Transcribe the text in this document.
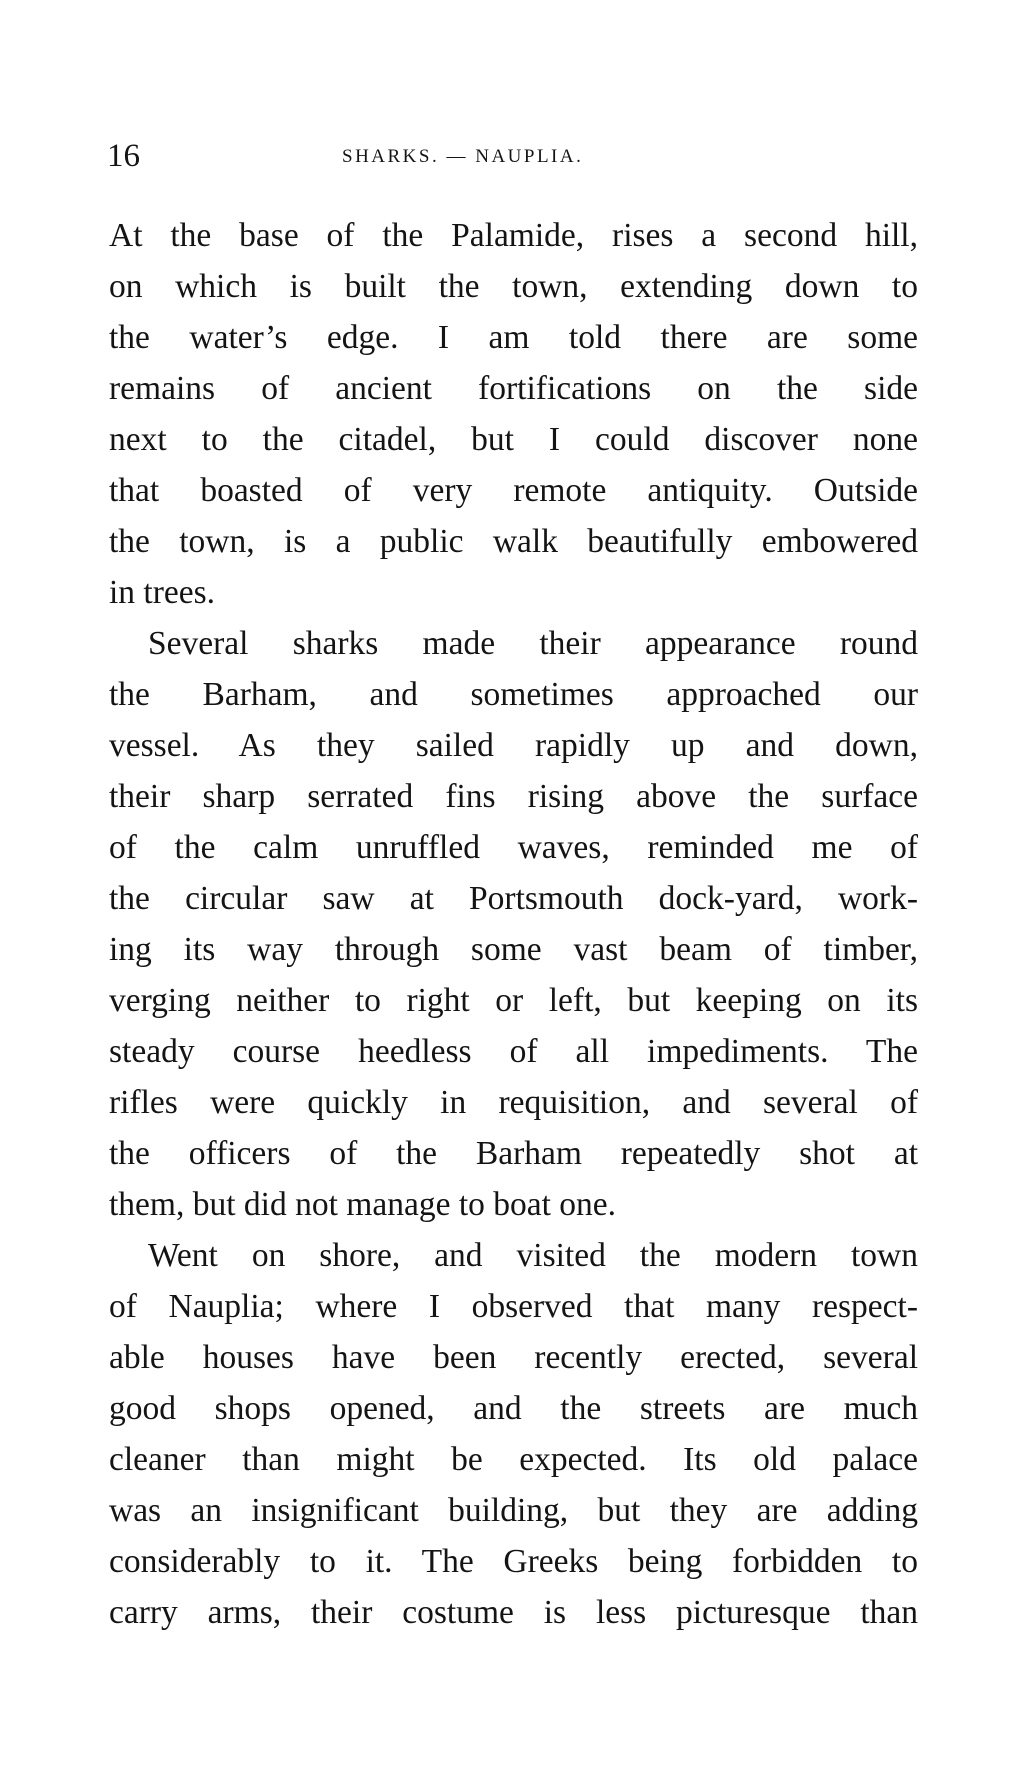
16	SHARKS. — NAUPLIA.
At the base of the Palamide, rises a second hill,
on which is built the town, extending down to
the water’s edge. I am told there are some
remains of ancient fortifications on the side
next to the citadel, but I could discover none
that boasted of very remote antiquity. Outside
the town, is a public walk beautifully embowered
in trees.
Several sharks made their appearance round
the Barham, and sometimes approached our
vessel. As they sailed rapidly up and down,
their sharp serrated fins rising above the surface
of the calm unruffled waves, reminded me of
the circular saw at Portsmouth dock-yard, work-
ing its way through some vast beam of timber,
verging neither to right or left, but keeping on its
steady course heedless of all impediments. The
rifles were quickly in requisition, and several of
the officers of the Barham repeatedly shot at
them, but did not manage to boat one.
Went on shore, and visited the modern town
of Nauplia; where I observed that many respect-
able houses have been recently erected, several
good shops opened, and the streets are much
cleaner than might be expected. Its old palace
was an insignificant building, but they are adding
considerably to it. The Greeks being forbidden to
carry arms, their costume is less picturesque than
